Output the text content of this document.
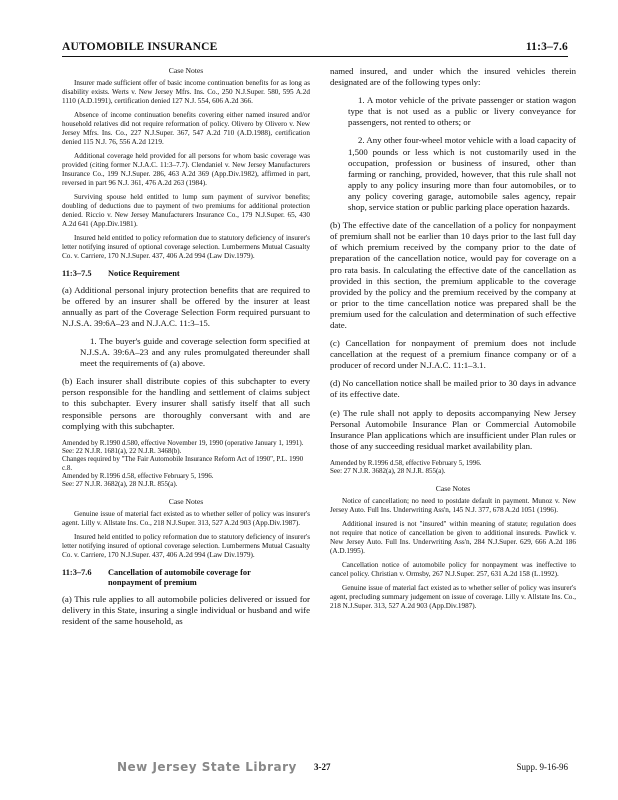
AUTOMOBILE INSURANCE	11:3–7.6
Case Notes

Insurer made sufficient offer of basic income continuation benefits for as long as disability exists. Werts v. New Jersey Mfrs. Ins. Co., 250 N.J.Super. 580, 595 A.2d 1110 (A.D.1991), certification denied 127 N.J. 554, 606 A.2d 366.

Absence of income continuation benefits covering either named insured and/or household relatives did not require reformation of policy. Olivero by Olivero v. New Jersey Mfrs. Ins. Co., 227 N.J.Super. 367, 547 A.2d 710 (A.D.1988), certification denied 115 N.J. 76, 556 A.2d 1219.

Additional coverage held provided for all persons for whom basic coverage was provided (citing former N.J.A.C. 11:3–7.7). Clendaniel v. New Jersey Manufacturers Insurance Co., 199 N.J.Super. 286, 463 A.2d 369 (App.Div.1982), affirmed in part, reversed in part 96 N.J. 361, 476 A.2d 263 (1984).

Surviving spouse held entitled to lump sum payment of survivor benefits; doubling of deductions due to payment of two premiums for additional protection denied. Riccio v. New Jersey Manufacturers Insurance Co., 179 N.J.Super. 65, 430 A.2d 641 (App.Div.1981).

Insured held entitled to policy reformation due to statutory deficiency of insurer's letter notifying insured of optional coverage selection. Lumbermens Mutual Casualty Co. v. Carriere, 170 N.J.Super. 437, 406 A.2d 994 (Law Div.1979).

11:3–7.5 Notice Requirement

(a) Additional personal injury protection benefits that are required to be offered by an insurer shall be offered by the insurer at least annually as part of the Coverage Selection Form required pursuant to N.J.S.A. 39:6A–23 and N.J.A.C. 11:3–15.

1. The buyer's guide and coverage selection form specified at N.J.S.A. 39:6A–23 and any rules promulgated thereunder shall meet the requirements of (a) above.

(b) Each insurer shall distribute copies of this subchapter to every person responsible for the handling and settlement of claims subject to this subchapter. Every insurer shall satisfy itself that all such responsible persons are thoroughly conversant with and are complying with this subchapter.

Amended by R.1990 d.580, effective November 19, 1990 (operative January 1, 1991).

See: 22 N.J.R. 1681(a), 22 N.J.R. 3468(b).

Changes required by "The Fair Automobile Insurance Reform Act of 1990", P.L. 1990 c.8.

Amended by R.1996 d.58, effective February 5, 1996.

See: 27 N.J.R. 3682(a), 28 N.J.R. 855(a).

Case Notes

Genuine issue of material fact existed as to whether seller of policy was insurer's agent. Lilly v. Allstate Ins. Co., 218 N.J.Super. 313, 527 A.2d 903 (App.Div.1987).

Insured held entitled to policy reformation due to statutory deficiency of insurer's letter notifying insured of optional coverage selection. Lumbermens Mutual Casualty Co. v. Carriere, 170 N.J.Super. 437, 406 A.2d 994 (Law Div.1979).

11:3–7.6 Cancellation of automobile coverage for
nonpayment of premium

(a) This rule applies to all automobile policies delivered or issued for delivery in this State, insuring a single individual or husband and wife resident of the same household, as

named insured, and under which the insured vehicles therein designated are of the following types only:

1. A motor vehicle of the private passenger or station wagon type that is not used as a public or livery conveyance for passengers, not rented to others; or

2. Any other four-wheel motor vehicle with a load capacity of 1,500 pounds or less which is not customarily used in the occupation, profession or business of insured, other than farming or ranching, provided, however, that this rule shall not apply to any policy insuring more than four automobiles, or to any policy covering garage, automobile sales agency, repair shop, service station or public parking place operation hazards.

(b) The effective date of the cancellation of a policy for nonpayment of premium shall not be earlier than 10 days prior to the last full day of which premium received by the company prior to the date of preparation of the cancellation notice, would pay for coverage on a pro rata basis. In calculating the effective date of the cancellation as provided in this section, the premium applicable to the coverage provided by the policy and the premium received by the company at or prior to the time cancellation notice was prepared shall be the premium used for the calculation and determination of such effective date.

(c) Cancellation for nonpayment of premium does not include cancellation at the request of a premium finance company or of a producer of record under N.J.A.C. 11:1–3.1.

(d) No cancellation notice shall be mailed prior to 30 days in advance of its effective date.

(e) The rule shall not apply to deposits accompanying New Jersey Personal Automobile Insurance Plan or Commercial Automobile Insurance Plan applications which are insufficient under Plan rules or those of any succeeding residual market availability plan.

Amended by R.1996 d.58, effective February 5, 1996.

See: 27 N.J.R. 3682(a), 28 N.J.R. 855(a).

Case Notes

Notice of cancellation; no need to postdate default in payment. Munoz v. New Jersey Auto. Full Ins. Underwriting Ass'n, 145 N.J. 377, 678 A.2d 1051 (1996).

Additional insured is not "insured" within meaning of statute; regulation does not require that notice of cancellation be given to additional insureds. Pawlick v. New Jersey Auto. Full Ins. Underwriting Ass'n, 284 N.J.Super. 629, 666 A.2d 186 (A.D.1995).

Cancellation notice of automobile policy for nonpayment was ineffective to cancel policy. Christian v. Ormsby, 267 N.J.Super. 257, 631 A.2d 158 (L.1992).

Genuine issue of material fact existed as to whether seller of policy was insurer's agent, precluding summary judgement on issue of coverage. Lilly v. Allstate Ins. Co., 218 N.J.Super. 313, 527 A.2d 903 (App.Div.1987).

New Jersey State Library 3-27	Supp. 9-16-96
